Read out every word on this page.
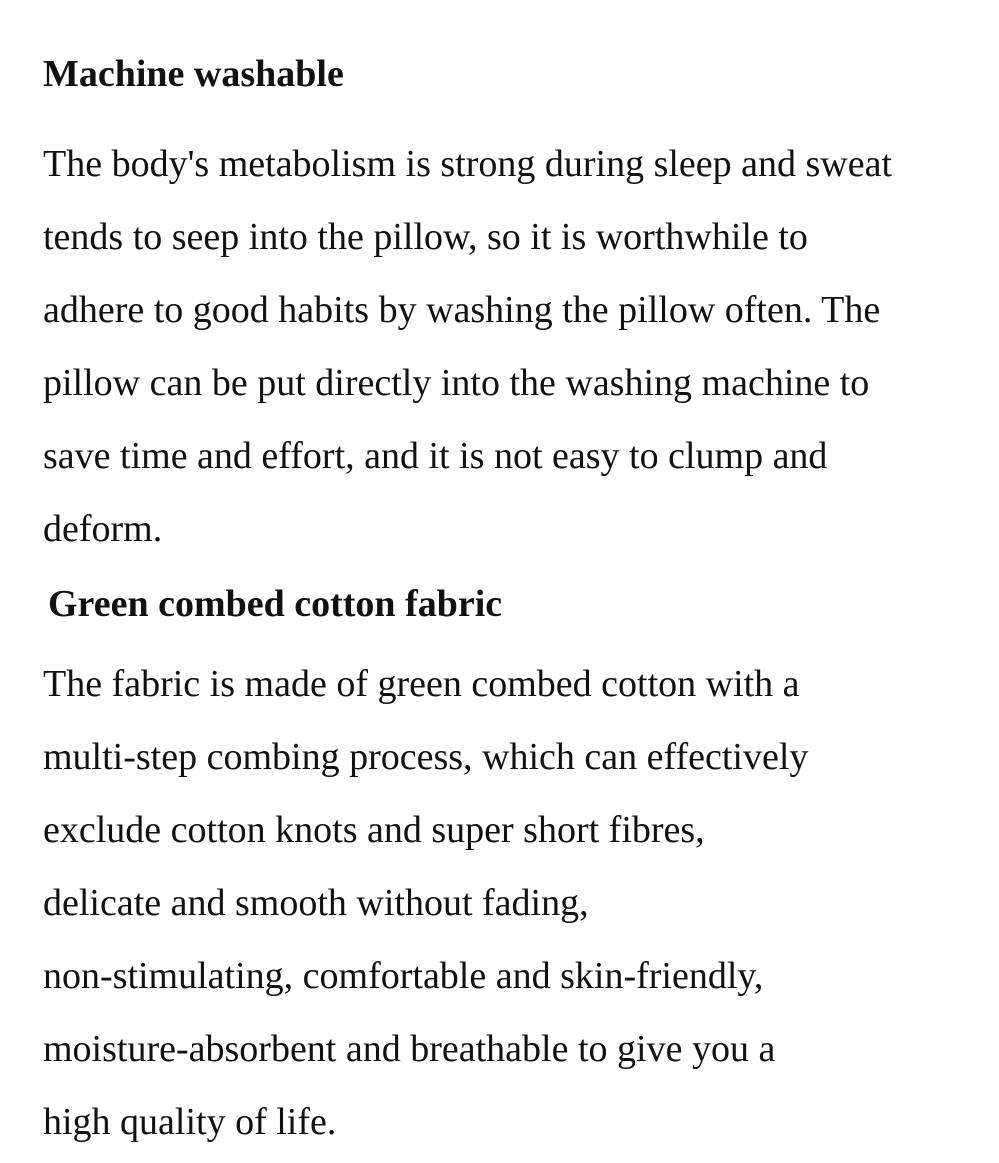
Machine washable

The body's metabolism is strong during sleep and sweat
tends to seep into the pillow, so it is worthwhile to
adhere to good habits by washing the pillow often. The
pillow can be put directly into the washing machine to
save time and effort, and it is not easy to clump and
deform.

Green combed cotton fabric

The fabric is made of green combed cotton with a
multi-step combing process, which can effectively
exclude cotton knots and super short fibres,
delicate and smooth without fading,
non-stimulating, comfortable and skin-friendly,
moisture-absorbent and breathable to give you a
high quality of life.
